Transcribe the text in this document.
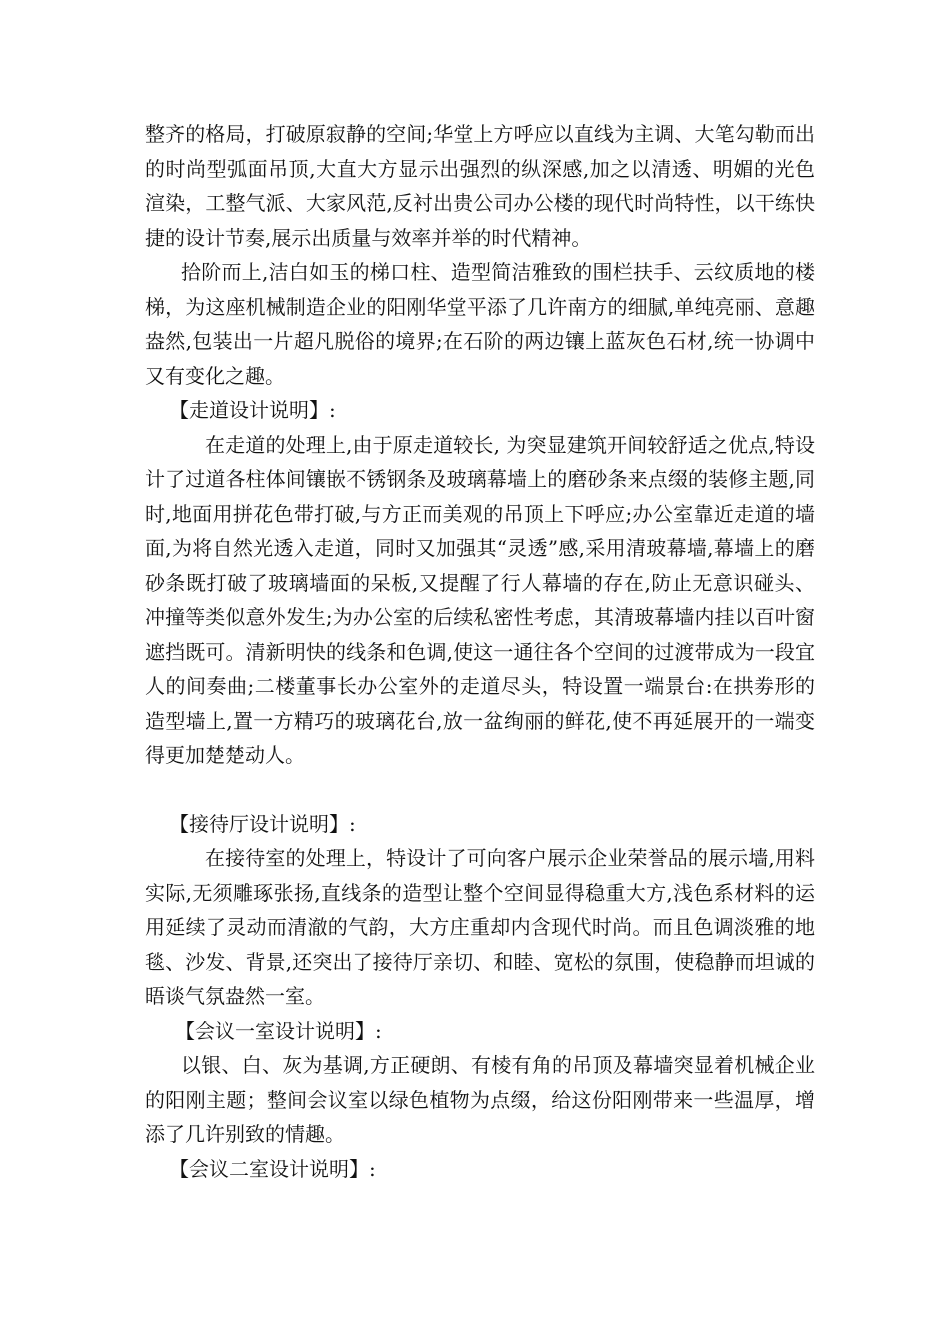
整齐的格局，打破原寂静的空间;华堂上方呼应以直线为主调、大笔勾勒而出的时尚型弧面吊顶,大直大方显示出强烈的纵深感,加之以清透、明媚的光色渲染，工整气派、大家风范,反衬出贵公司办公楼的现代时尚特性，以干练快捷的设计节奏,展示出质量与效率并举的时代精神。

拾阶而上,洁白如玉的梯口柱、造型简洁雅致的围栏扶手、云纹质地的楼梯，为这座机械制造企业的阳刚华堂平添了几许南方的细腻,单纯亮丽、意趣盎然,包装出一片超凡脱俗的境界;在石阶的两边镶上蓝灰色石材,统一协调中又有变化之趣。

【走道设计说明】:

在走道的处理上,由于原走道较长, 为突显建筑开间较舒适之优点,特设计了过道各柱体间镶嵌不锈钢条及玻璃幕墙上的磨砂条来点缀的装修主题,同时,地面用拼花色带打破,与方正而美观的吊顶上下呼应;办公室靠近走道的墙面,为将自然光透入走道，同时又加强其“灵透”感,采用清玻幕墙,幕墙上的磨砂条既打破了玻璃墙面的呆板,又提醒了行人幕墙的存在,防止无意识碰头、冲撞等类似意外发生;为办公室的后续私密性考虑，其清玻幕墙内挂以百叶窗遮挡既可。清新明快的线条和色调,使这一通往各个空间的过渡带成为一段宜人的间奏曲;二楼董事长办公室外的走道尽头，特设置一端景台:在拱劵形的造型墙上,置一方精巧的玻璃花台,放一盆绚丽的鲜花,使不再延展开的一端变得更加楚楚动人。

【接待厅设计说明】:

在接待室的处理上，特设计了可向客户展示企业荣誉品的展示墙,用料实际,无须雕琢张扬,直线条的造型让整个空间显得稳重大方,浅色系材料的运用延续了灵动而清澈的气韵，大方庄重却内含现代时尚。而且色调淡雅的地毯、沙发、背景,还突出了接待厅亲切、和睦、宽松的氛围，使稳静而坦诚的晤谈气氛盎然一室。

【会议一室设计说明】:

以银、白、灰为基调,方正硬朗、有棱有角的吊顶及幕墙突显着机械企业的阳刚主题；整间会议室以绿色植物为点缀，给这份阳刚带来一些温厚，增添了几许别致的情趣。

【会议二室设计说明】:
